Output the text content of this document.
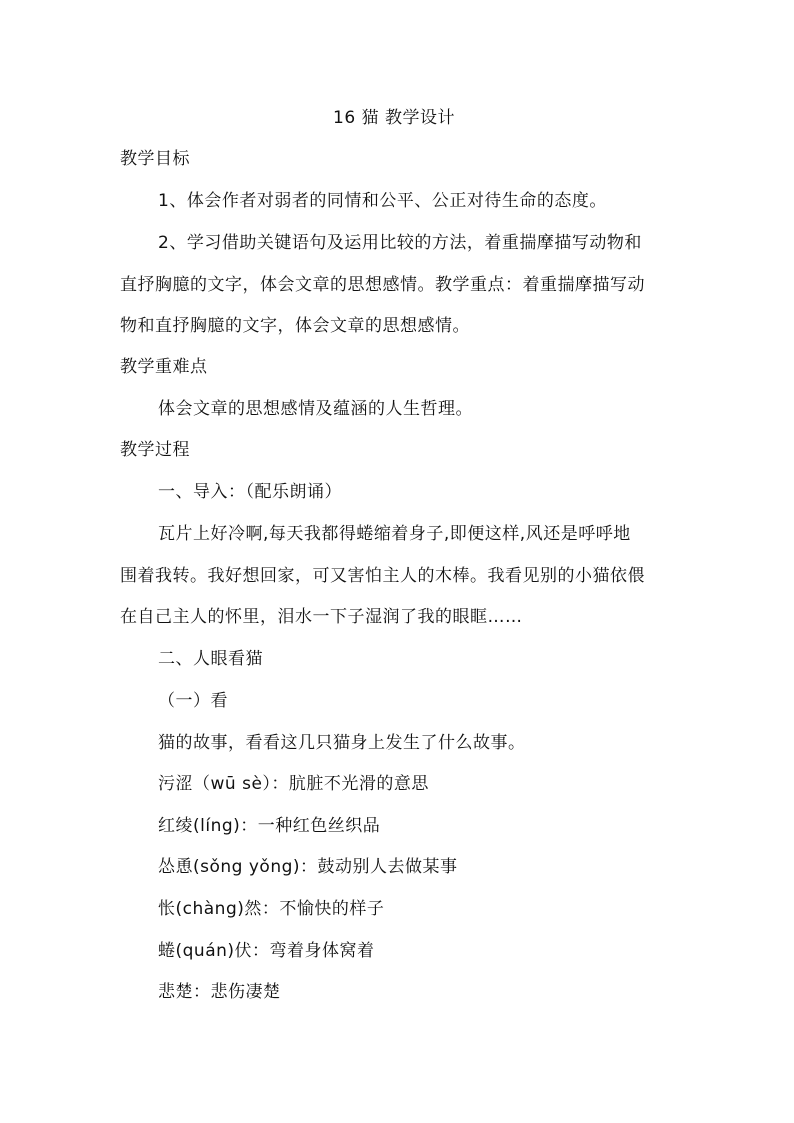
16 猫 教学设计
教学目标
1、体会作者对弱者的同情和公平、公正对待生命的态度。
2、学习借助关键语句及运用比较的方法，着重揣摩描写动物和
直抒胸臆的文字，体会文章的思想感情。教学重点：着重揣摩描写动
物和直抒胸臆的文字，体会文章的思想感情。
教学重难点
体会文章的思想感情及蕴涵的人生哲理。
教学过程
一、导入：（配乐朗诵）
瓦片上好冷啊,每天我都得蜷缩着身子,即便这样,风还是呼呼地
围着我转。我好想回家，可又害怕主人的木棒。我看见别的小猫依偎
在自己主人的怀里，泪水一下子湿润了我的眼眶……
二、人眼看猫
（一）看
猫的故事，看看这几只猫身上发生了什么故事。
污涩（wū sè）：肮脏不光滑的意思
红绫(líng)：一种红色丝织品
怂恿(sǒng yǒng)：鼓动别人去做某事
怅(chàng)然：不愉快的样子
蜷(quán)伏：弯着身体窝着
悲楚：悲伤凄楚
